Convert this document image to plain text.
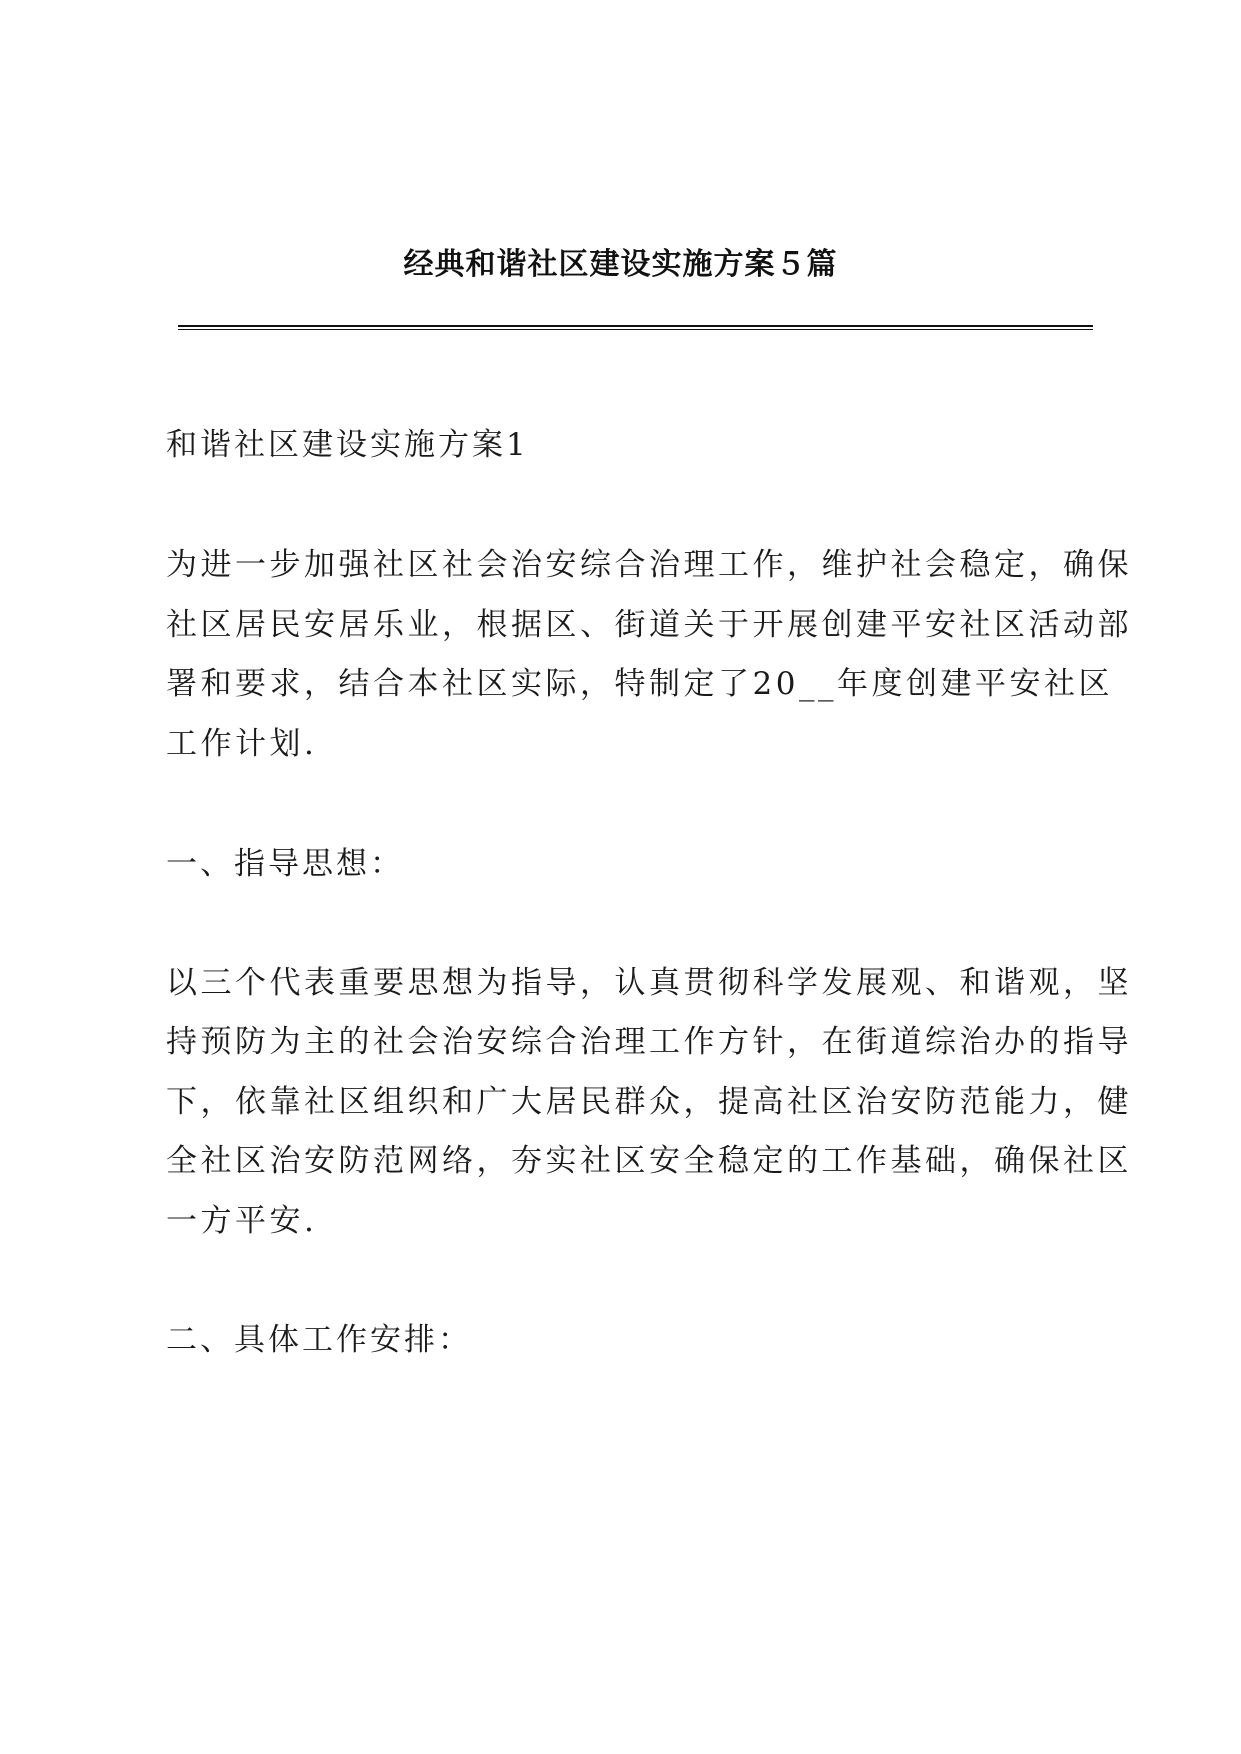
经典和谐社区建设实施方案５篇
和谐社区建设实施方案1
为进一步加强社区社会治安综合治理工作，维护社会稳定，确保
社区居民安居乐业，根据区、街道关于开展创建平安社区活动部
署和要求，结合本社区实际，特制定了20__年度创建平安社区
工作计划.
一、指导思想：
以三个代表重要思想为指导，认真贯彻科学发展观、和谐观，坚
持预防为主的社会治安综合治理工作方针，在街道综治办的指导
下，依靠社区组织和广大居民群众，提高社区治安防范能力，健
全社区治安防范网络，夯实社区安全稳定的工作基础，确保社区
一方平安.
二、具体工作安排：
